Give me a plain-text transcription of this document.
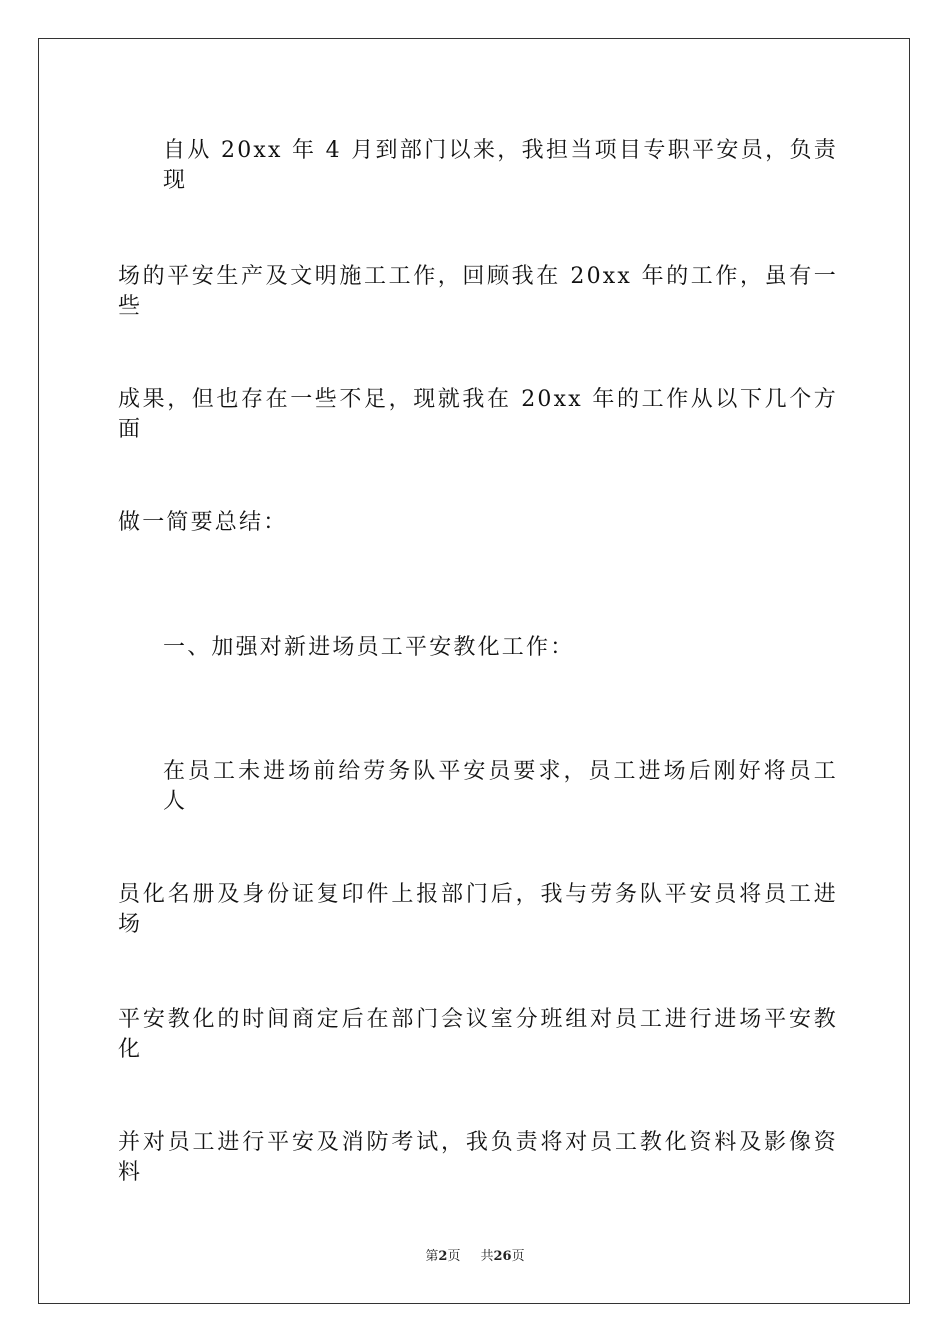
自从 20xx 年 4 月到部门以来，我担当项目专职平安员，负责现
场的平安生产及文明施工工作，回顾我在 20xx 年的工作，虽有一些
成果，但也存在一些不足，现就我在 20xx 年的工作从以下几个方面
做一简要总结：
一、加强对新进场员工平安教化工作：
在员工未进场前给劳务队平安员要求，员工进场后刚好将员工人
员化名册及身份证复印件上报部门后，我与劳务队平安员将员工进场
平安教化的时间商定后在部门会议室分班组对员工进行进场平安教化
并对员工进行平安及消防考试，我负责将对员工教化资料及影像资料
第2页 共26页
